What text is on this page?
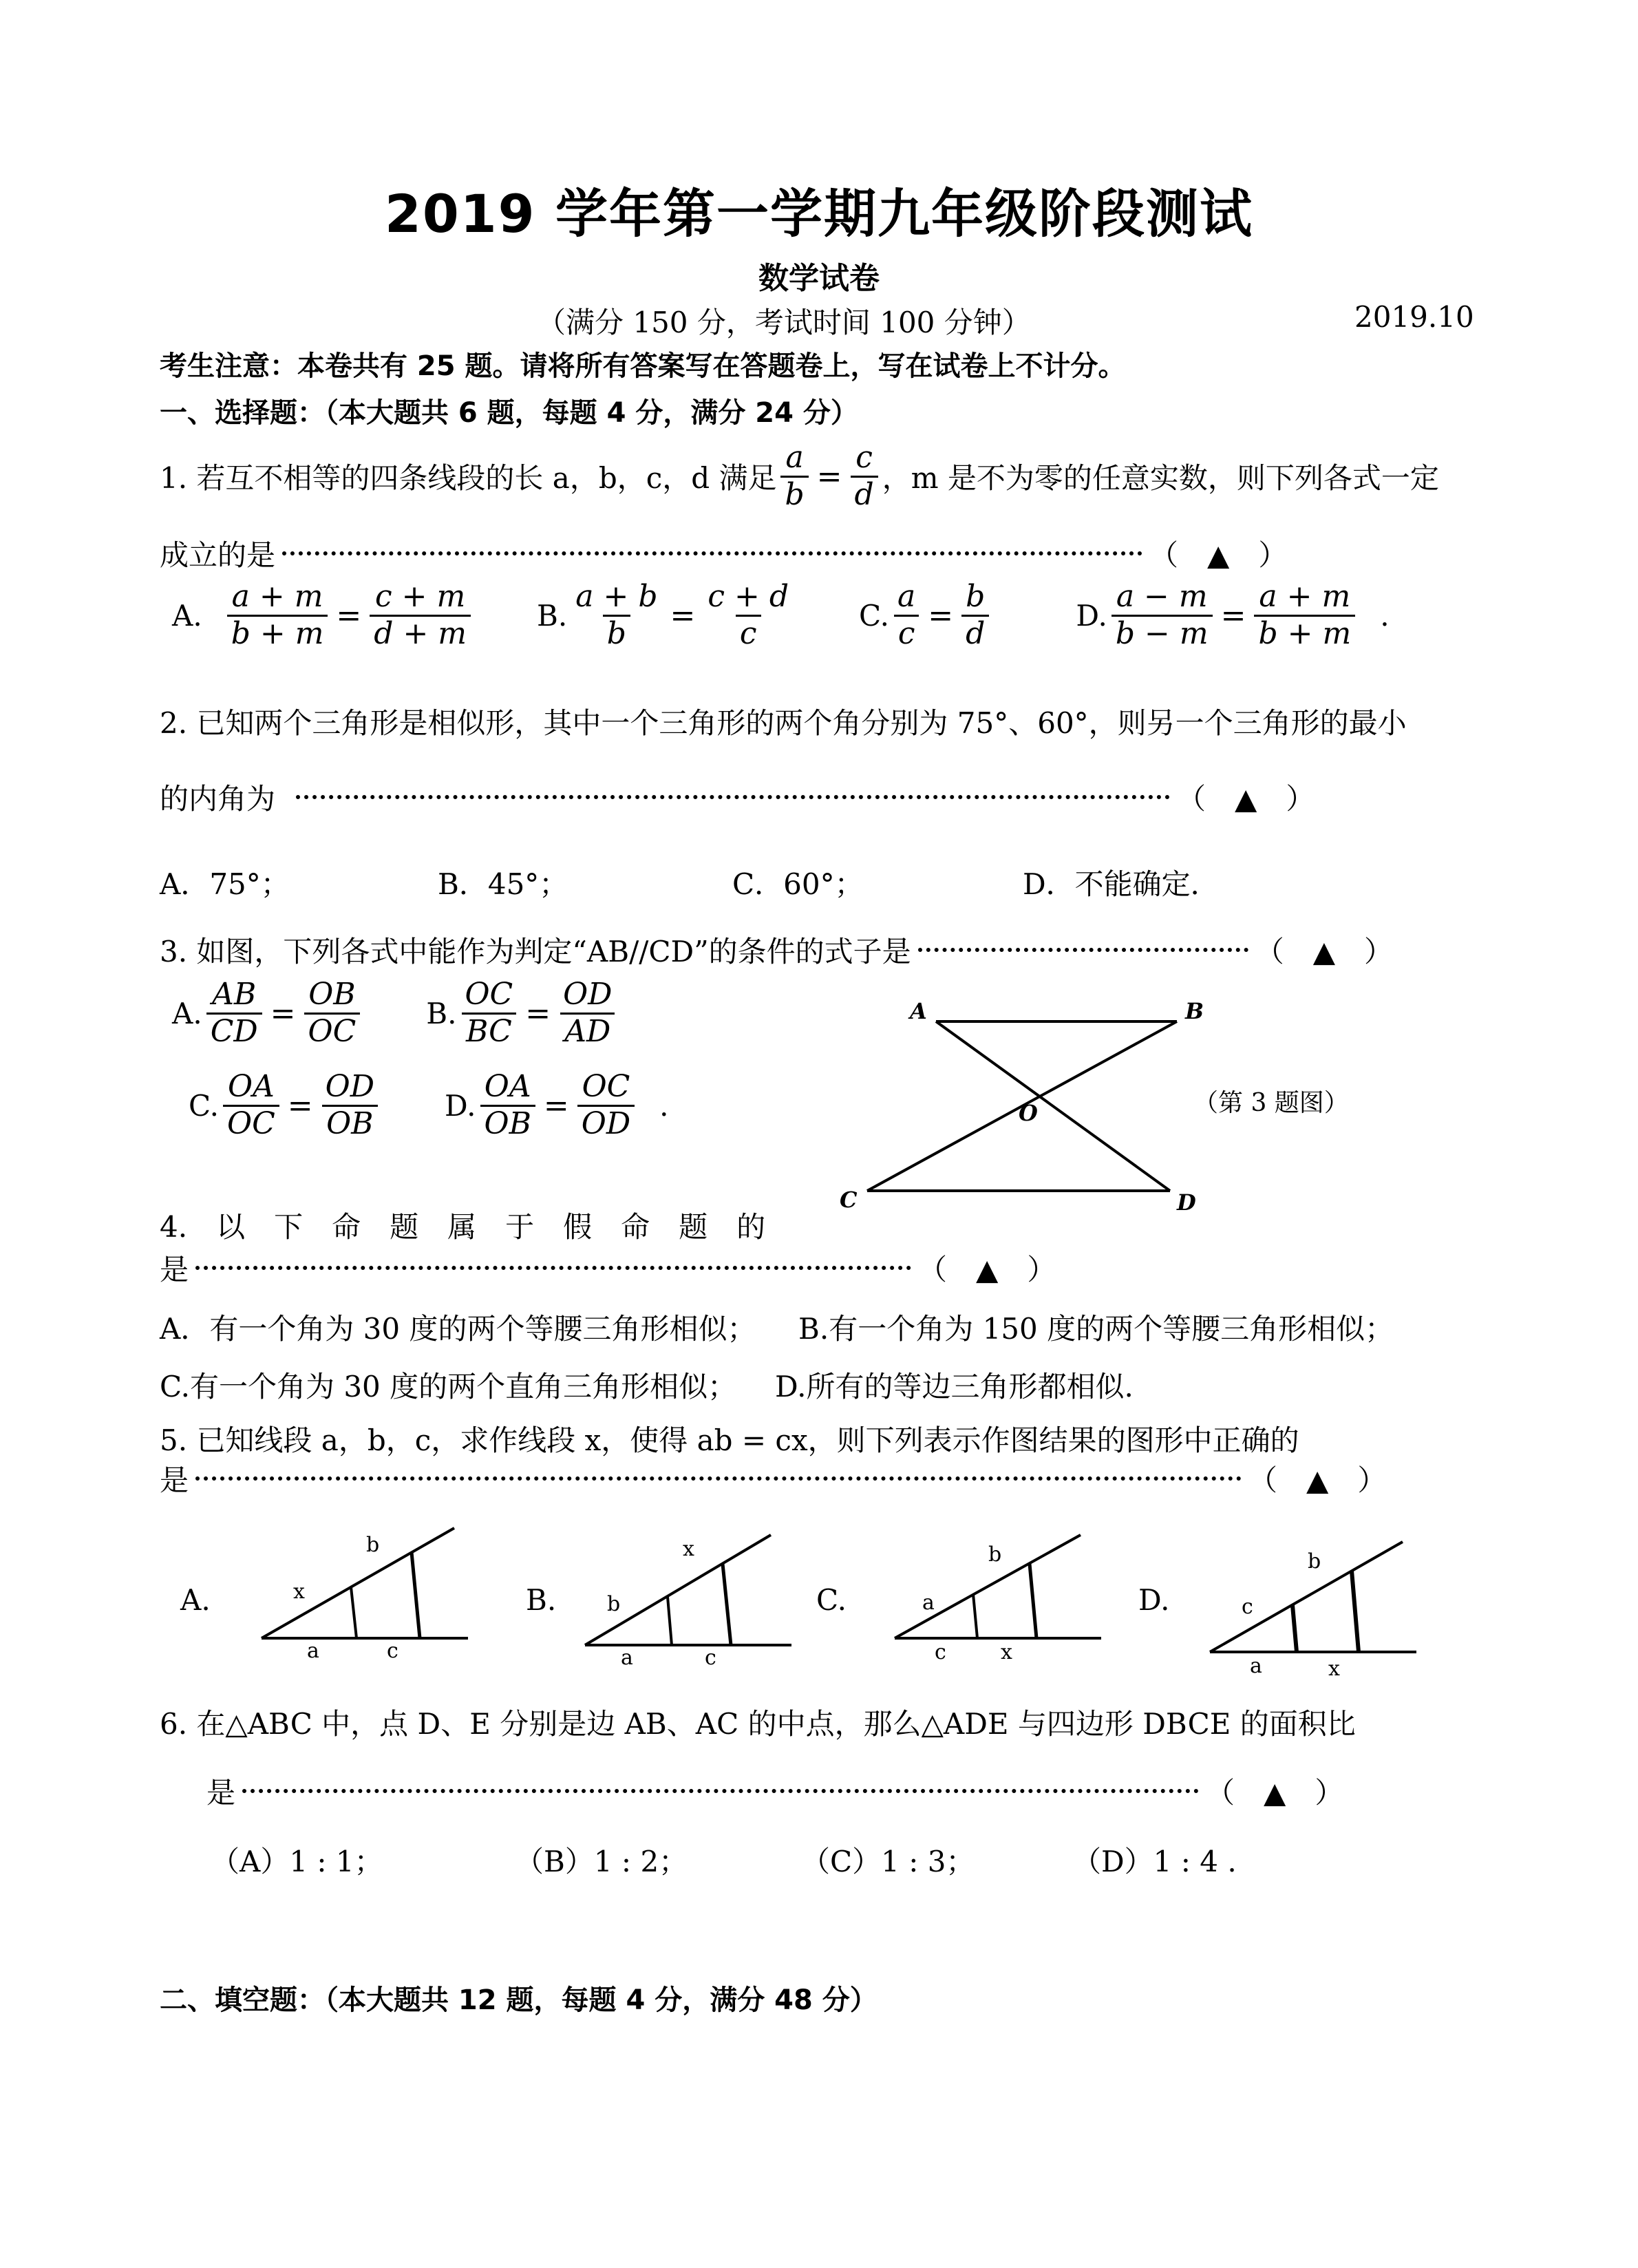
2019 学年第一学期九年级阶段测试
数学试卷
（满分 150 分，考试时间 100 分钟）	2019.10
考生注意：本卷共有 25 题。请将所有答案写在答题卷上，写在试卷上不计分。
一、选择题：（本大题共 6 题，每题 4 分，满分 24 分）
1. 若互不相等的四条线段的长 a，b，c，d 满足 $\frac{a}{b} = \frac{c}{d}$ ，m 是不为零的任意实数，则下列各式一定
成立的是	（　▲　）
A. $\frac{a + m}{b + m} = \frac{c + m}{d + m} B$. $\frac{a + b}{b} = \frac{c + d}{c} C$. $\frac{a}{c} = \frac{b}{d}$	D. $\frac{a - m}{b - m} = \frac{a + m}{b + m}$ .
2. 已知两个三角形是相似形，其中一个三角形的两个角分别为 75°、60°，则另一个三角形的最小
的内角为	（　▲　）
A．75°；	B．45°；	C．60°；	D．不能确定．
3. 如图，下列各式中能作为判定“AB//CD”的条件的式子是	（　▲　）
A. $\frac{AB}{CD} = \frac{OB}{OC} B$. $\frac{OC}{BC} = \frac{OD}{AD}$
C. $\frac{OA}{OC} = \frac{OD}{OB} D$. $\frac{OA}{OB} = \frac{OC}{OD}$ .
A	B
C	D
O	（第 3 题图）
4.　以　下　命　题　属　于　假　命　题　的
是	（　▲　）
A．有一个角为 30 度的两个等腰三角形相似； B.有一个角为 150 度的两个等腰三角形相似；
C.有一个角为 30 度的两个直角三角形相似； D.所有的等边三角形都相似.
5. 已知线段 a，b，c，求作线段 x，使得 ab = cx，则下列表示作图结果的图形中正确的
是	（　▲　）
A.	B.	C.	D.
x
b
a	c
b
x
a	c
a
b
c	x
c
b
a	x
6. 在△ABC 中，点 D、E 分别是边 AB、AC 的中点，那么△ADE 与四边形 DBCE 的面积比
是	（　▲　）
（A）1 : 1；	（B）1 : 2；	（C）1 : 3；	（D）1 : 4 .
二、填空题：（本大题共 12 题，每题 4 分，满分 48 分）
